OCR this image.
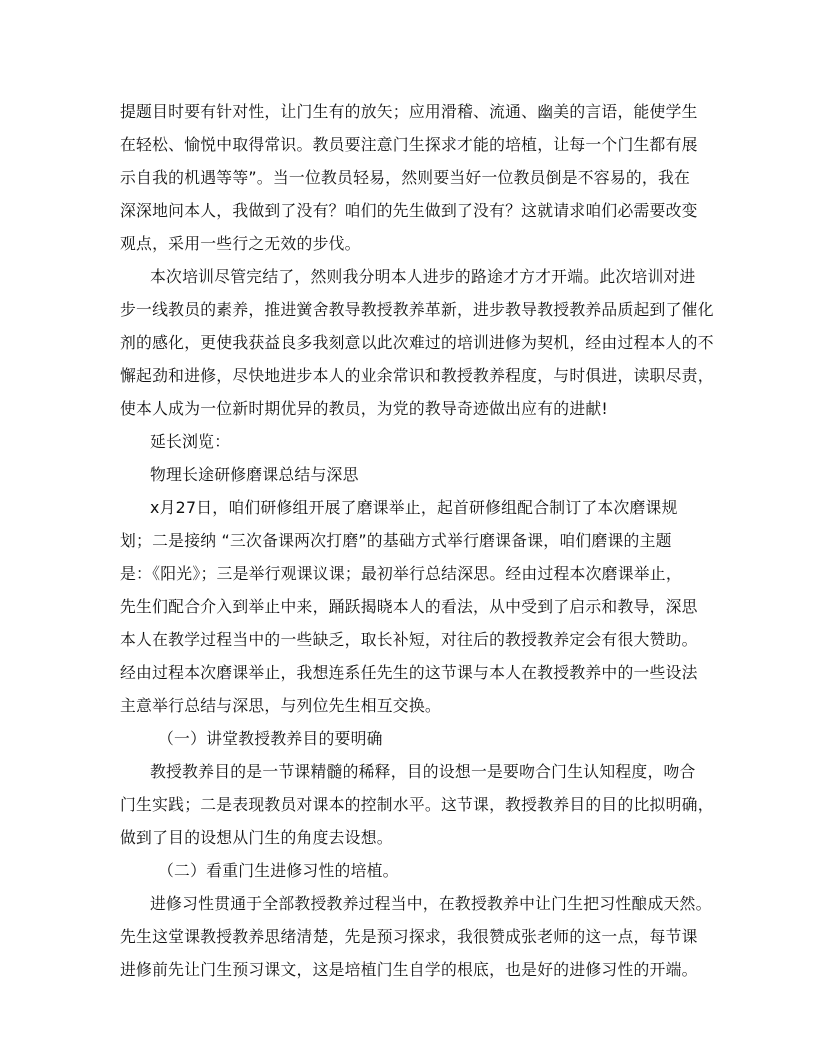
提题目时要有针对性，让门生有的放矢；应用滑稽、流通、幽美的言语，能使学生
在轻松、愉悦中取得常识。教员要注意门生探求才能的培植，让每一个门生都有展
示自我的机遇等等”。当一位教员轻易，然则要当好一位教员倒是不容易的，我在
深深地问本人，我做到了没有？咱们的先生做到了没有？这就请求咱们必需要改变
观点，采用一些行之无效的步伐。
本次培训尽管完结了，然则我分明本人进步的路途才方才开端。此次培训对进
步一线教员的素养，推进黉舍教导教授教养革新，进步教导教授教养品质起到了催化
剂的感化，更使我获益良多我刻意以此次难过的培训进修为契机，经由过程本人的不
懈起劲和进修，尽快地进步本人的业余常识和教授教养程度，与时俱进，读职尽责，
使本人成为一位新时期优异的教员，为党的教导奇迹做出应有的进献!
延长浏览：
物理长途研修磨课总结与深思
x月27日，咱们研修组开展了磨课举止，起首研修组配合制订了本次磨课规
划；二是接纳 “三次备课两次打磨”的基础方式举行磨课备课，咱们磨课的主题
是：《阳光》；三是举行观课议课；最初举行总结深思。经由过程本次磨课举止，
先生们配合介入到举止中来，踊跃揭晓本人的看法，从中受到了启示和教导，深思
本人在教学过程当中的一些缺乏，取长补短，对往后的教授教养定会有很大赞助。
经由过程本次磨课举止，我想连系任先生的这节课与本人在教授教养中的一些设法
主意举行总结与深思，与列位先生相互交换。
（一）讲堂教授教养目的要明确
教授教养目的是一节课精髓的稀释，目的设想一是要吻合门生认知程度，吻合
门生实践；二是表现教员对课本的控制水平。这节课，教授教养目的目的比拟明确，
做到了目的设想从门生的角度去设想。
（二）看重门生进修习性的培植。
进修习性贯通于全部教授教养过程当中，在教授教养中让门生把习性酿成天然。
先生这堂课教授教养思绪清楚，先是预习探求，我很赞成张老师的这一点，每节课
进修前先让门生预习课文，这是培植门生自学的根底，也是好的进修习性的开端。
